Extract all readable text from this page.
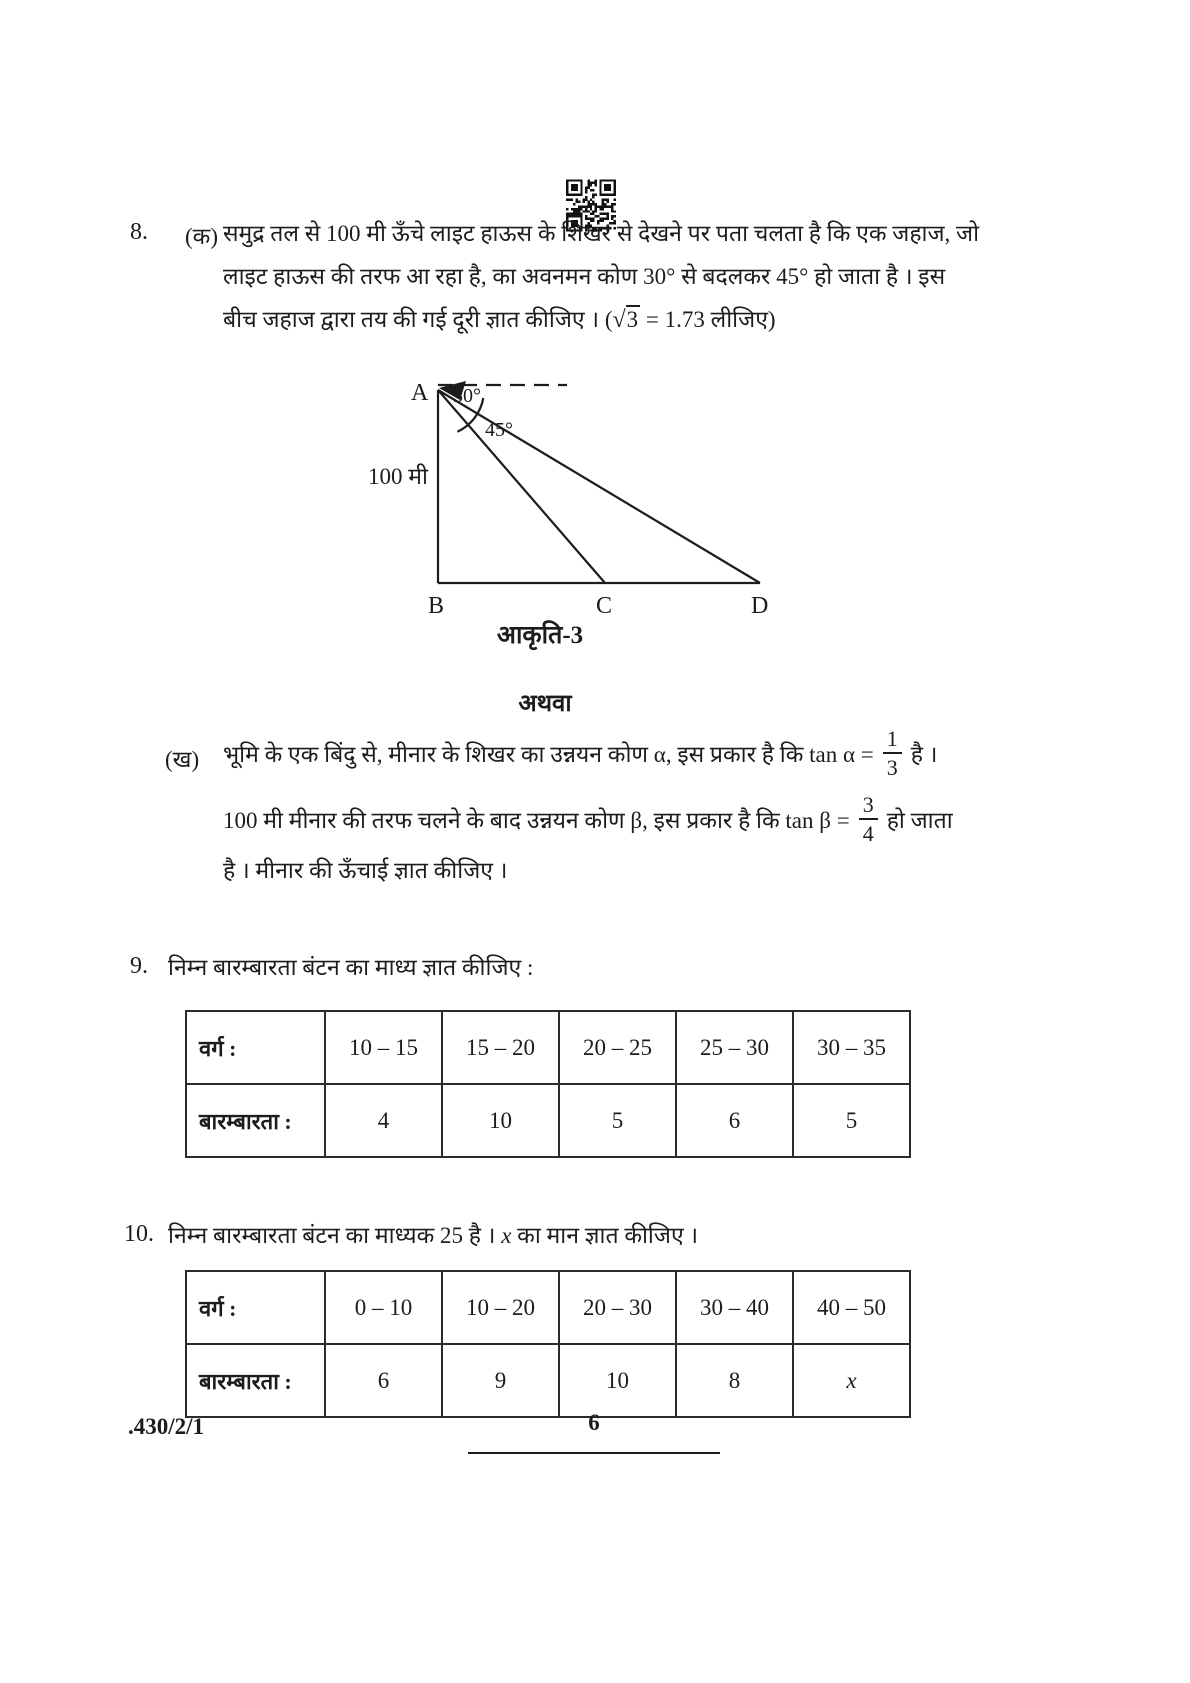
8. (क) समुद्र तल से 100 मी ऊँचे लाइट हाऊस के शिखर से देखने पर पता चलता है कि एक जहाज, जो
लाइट हाऊस की तरफ आ रहा है, का अवनमन कोण 30° से बदलकर 45° हो जाता है । इस
बीच जहाज द्वारा तय की गई दूरी ज्ञात कीजिए । (√3 = 1.73 लीजिए)
A
B	C	D
100 मी
30°
45°
आकृति-3
अथवा
(ख) भूमि के एक बिंदु से, मीनार के शिखर का उन्नयन कोण α, इस प्रकार है कि $\tan \alpha = \frac{1}{3}$ है ।
100 मी मीनार की तरफ चलने के बाद उन्नयन कोण β, इस प्रकार है कि $\tan \beta = \frac{3}{4}$ हो जाता
है । मीनार की ऊँचाई ज्ञात कीजिए ।
9. निम्न बारम्बारता बंटन का माध्य ज्ञात कीजिए :
वर्ग :	10 – 15	15 – 20	20 – 25	25 – 30	30 – 35
बारम्बारता :	4	10	5	6	5
10. निम्न बारम्बारता बंटन का माध्यक 25 है । x का मान ज्ञात कीजिए ।
वर्ग :	0 – 10	10 – 20	20 – 30	30 – 40	40 – 50
बारम्बारता :	6	9	10	8	x
.430/2/1	6
